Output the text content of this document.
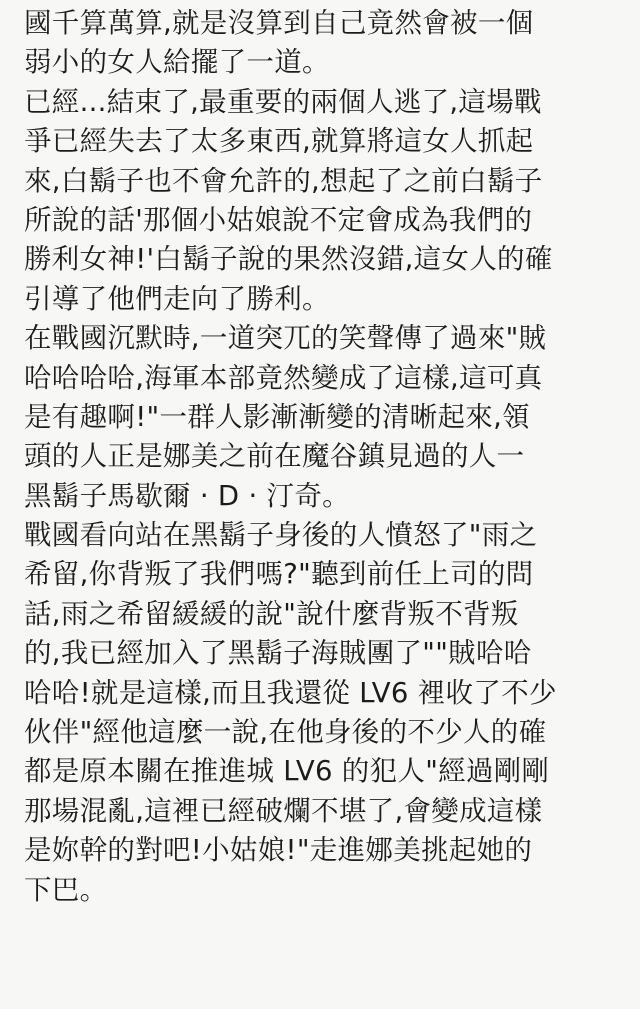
國千算萬算,就是沒算到自己竟然會被一個
弱小的女人給擺了一道。
已經...結束了,最重要的兩個人逃了,這場戰
爭已經失去了太多東西,就算將這女人抓起
來,白鬍子也不會允許的,想起了之前白鬍子
所說的話'那個小姑娘說不定會成為我們的
勝利女神!'白鬍子說的果然沒錯,這女人的確
引導了他們走向了勝利。
在戰國沉默時,一道突兀的笑聲傳了過來"賊
哈哈哈哈,海軍本部竟然變成了這樣,這可真
是有趣啊!"一群人影漸漸變的清晰起來,領
頭的人正是娜美之前在魔谷鎮見過的人一
黑鬍子馬歇爾 · D · 汀奇。
戰國看向站在黑鬍子身後的人憤怒了"雨之
希留,你背叛了我們嗎?"聽到前任上司的問
話,雨之希留緩緩的說"說什麼背叛不背叛
的,我已經加入了黑鬍子海賊團了""賊哈哈
哈哈!就是這樣,而且我還從 LV6 裡收了不少
伙伴"經他這麼一說,在他身後的不少人的確
都是原本關在推進城 LV6 的犯人"經過剛剛
那場混亂,這裡已經破爛不堪了,會變成這樣
是妳幹的對吧!小姑娘!"走進娜美挑起她的
下巴。
